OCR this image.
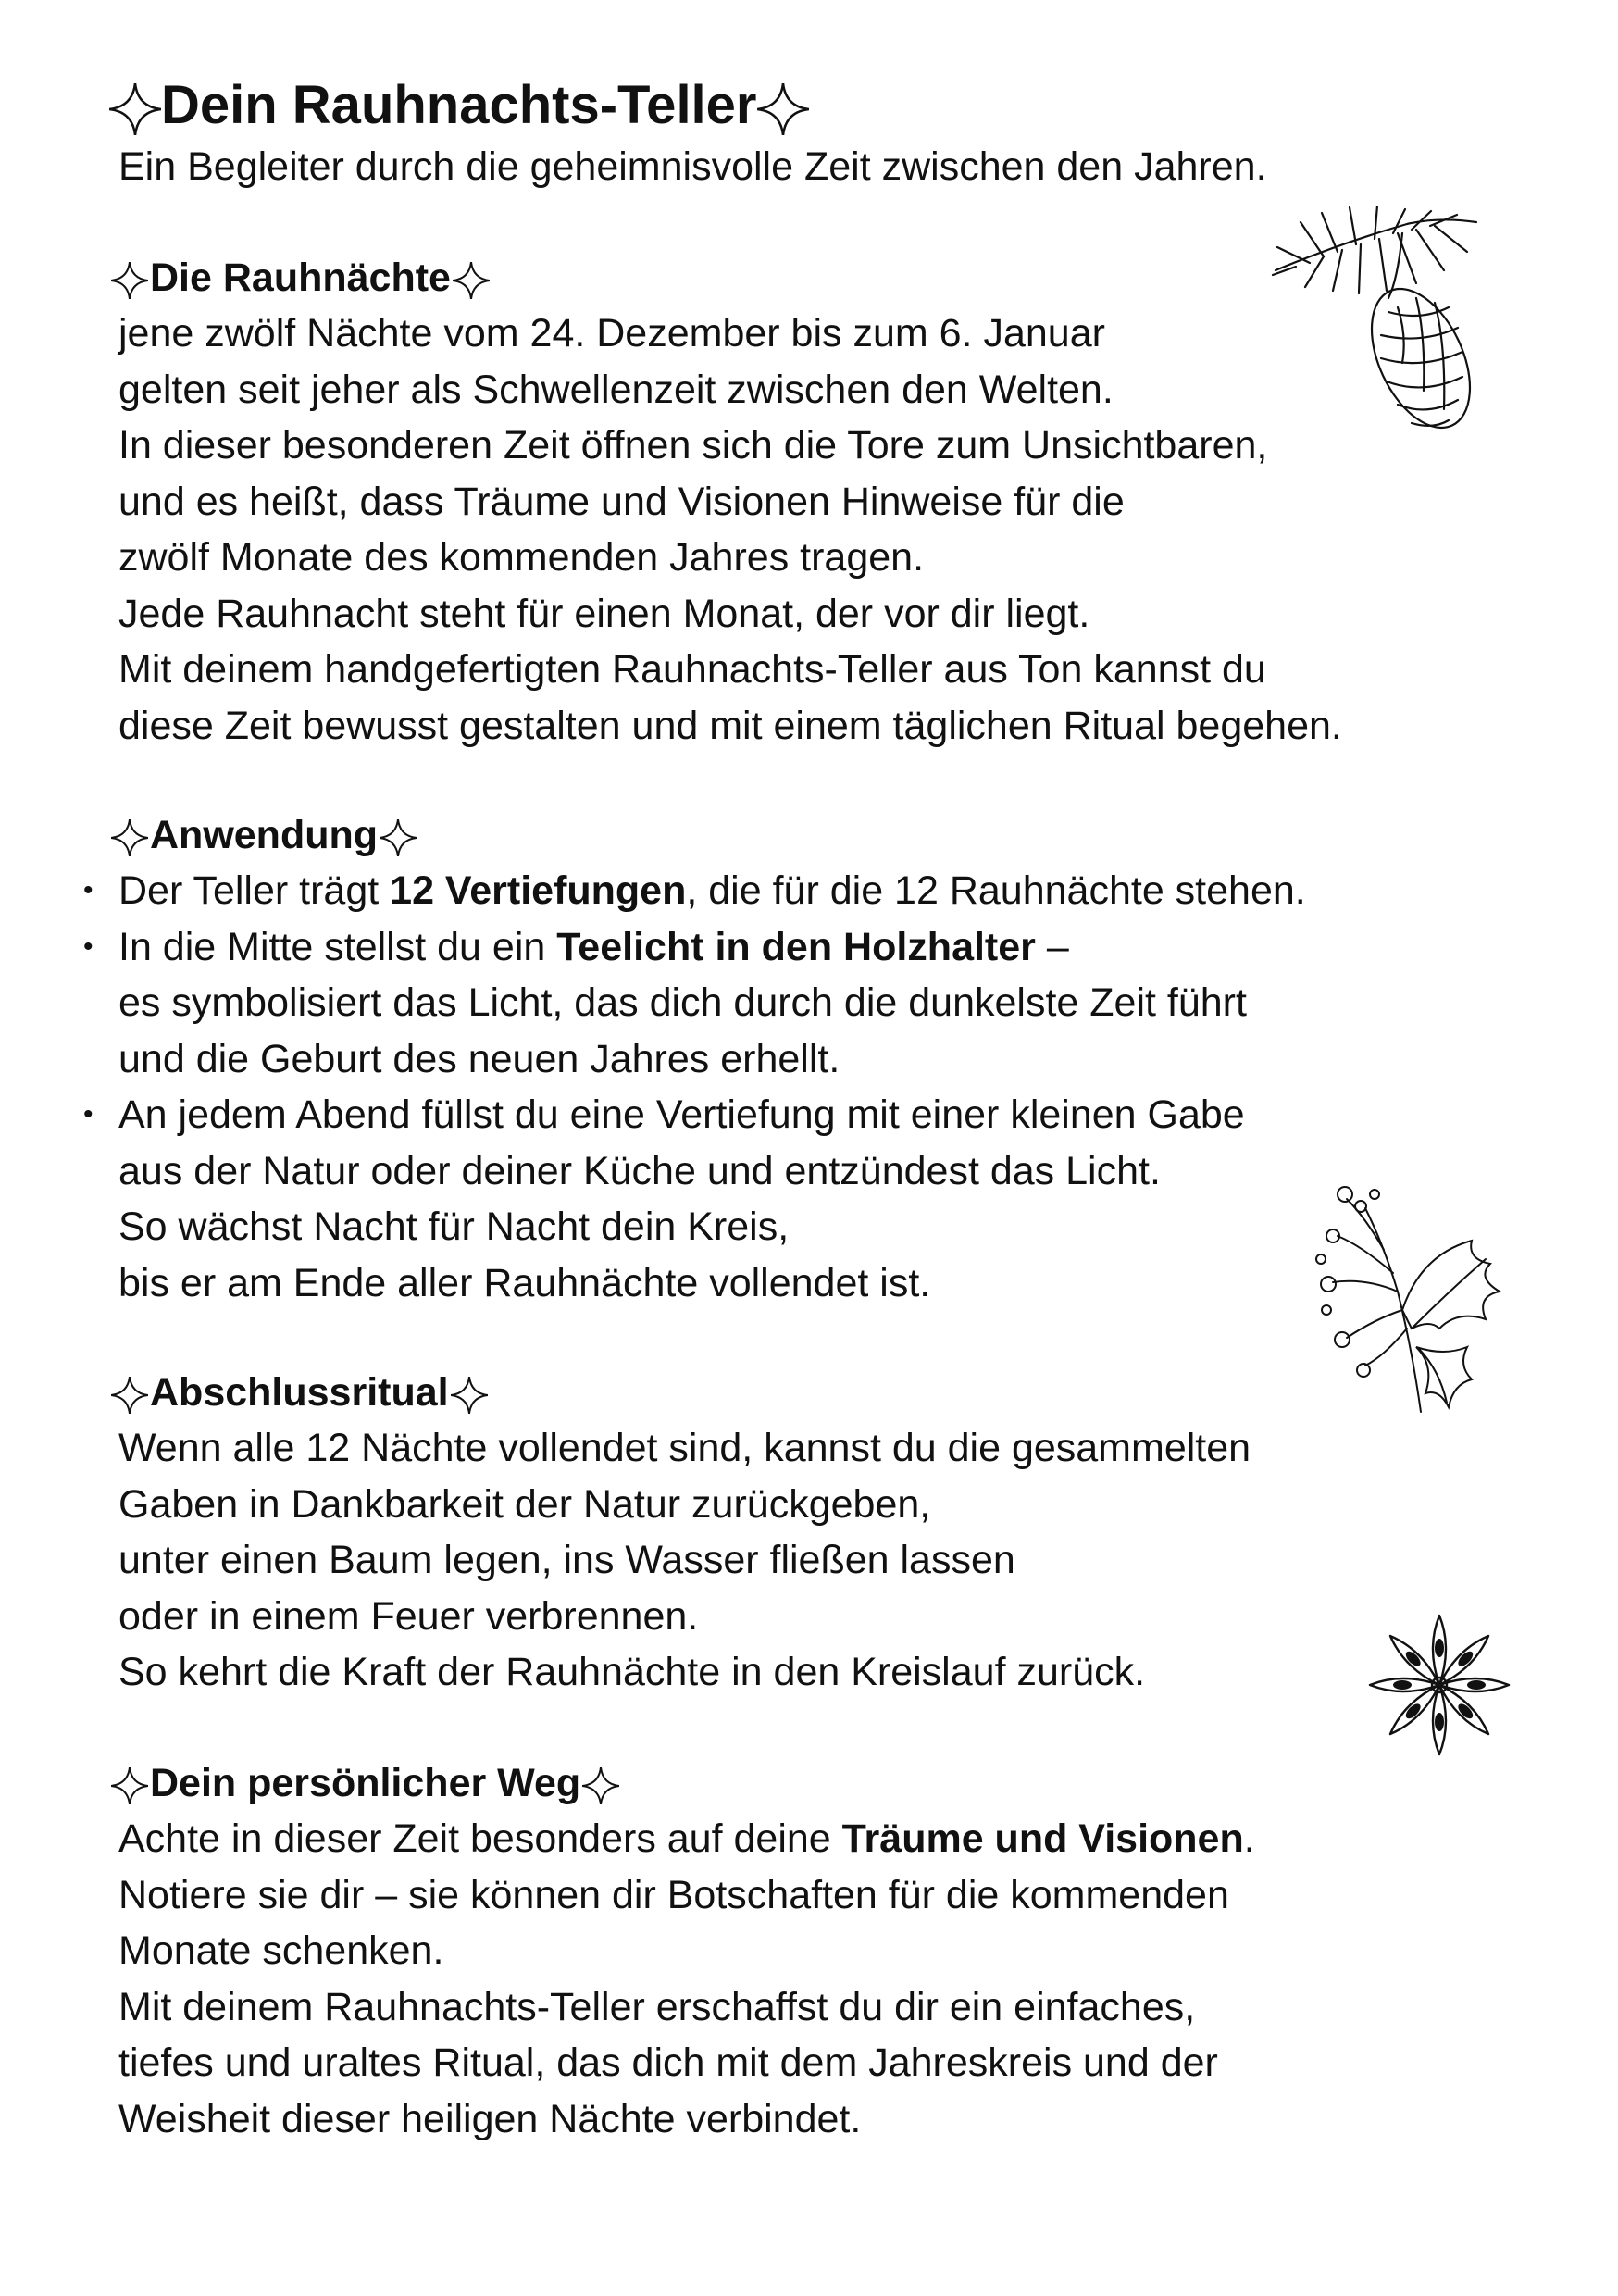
Dein Rauhnachts-Teller
Ein Begleiter durch die geheimnisvolle Zeit zwischen den Jahren.
Die Rauhnächte

jene zwölf Nächte vom 24. Dezember bis zum 6. Januar
gelten seit jeher als Schwellenzeit zwischen den Welten.
In dieser besonderen Zeit öffnen sich die Tore zum Unsichtbaren,
und es heißt, dass Träume und Visionen Hinweise für die
zwölf Monate des kommenden Jahres tragen.
Jede Rauhnacht steht für einen Monat, der vor dir liegt.
Mit deinem handgefertigten Rauhnachts-Teller aus Ton kannst du
diese Zeit bewusst gestalten und mit einem täglichen Ritual begehen.

Anwendung
• Der Teller trägt 12 Vertiefungen, die für die 12 Rauhnächte stehen.
• In die Mitte stellst du ein Teelicht in den Holzhalter –
es symbolisiert das Licht, das dich durch die dunkelste Zeit führt
und die Geburt des neuen Jahres erhellt.
• An jedem Abend füllst du eine Vertiefung mit einer kleinen Gabe
aus der Natur oder deiner Küche und entzündest das Licht.
So wächst Nacht für Nacht dein Kreis,
bis er am Ende aller Rauhnächte vollendet ist.
Abschlussritual

Wenn alle 12 Nächte vollendet sind, kannst du die gesammelten
Gaben in Dankbarkeit der Natur zurückgeben,
unter einen Baum legen, ins Wasser fließen lassen
oder in einem Feuer verbrennen.
So kehrt die Kraft der Rauhnächte in den Kreislauf zurück.

Dein persönlicher Weg

Achte in dieser Zeit besonders auf deine Träume und Visionen.
Notiere sie dir – sie können dir Botschaften für die kommenden
Monate schenken.
Mit deinem Rauhnachts-Teller erschaffst du dir ein einfaches,
tiefes und uraltes Ritual, das dich mit dem Jahreskreis und der
Weisheit dieser heiligen Nächte verbindet.
